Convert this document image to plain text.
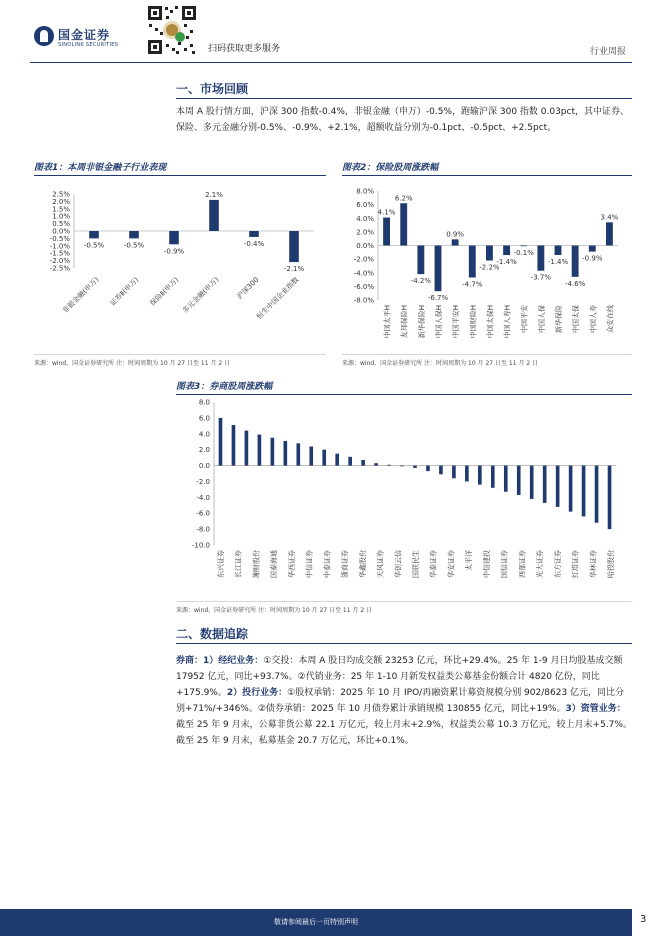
国金证券
SINOLINK SECURITIES	扫码获取更多服务	行业周报
一、市场回顾
本周 A 股行情方面，沪深 300 指数-0.4%，非银金融（申万）-0.5%，跑输沪深 300 指数 0.03pct，其中证券、保险、多元金融分别-0.5%、-0.9%、+2.1%，超额收益分别为-0.1pct、-0.5pct、+2.5pct。
图表1：本周非银金融子行业表现
2.5%
2.0%
1.5%
1.0%
0.5%
0.0%
-0.5%
-1.0%
-1.5%
-2.0%
-2.5%
-0.5%	-0.5%
-0.9%
2.1%
-0.4%
-2.1%
非银金融(申万) 证券Ⅱ(申万) 保险Ⅱ(申万) 多元金融(申万) 沪深300
恒生中国企业指数
来源：wind，国金证券研究所 注：时间周期为 10 月 27 日至 11 月 2 日
图表2：保险股周涨跌幅
8.0%
6.0%
4.0%
2.0%
0.0%
-2.0%
-4.0%
-6.0%
-8.0%
4.1%
6.2%
-4.2%
-6.7%
0.9%
-4.7%
-2.2%
-1.4%
-0.1%
-3.7%
-1.4%
-4.6%
-0.9%
3.4%
中国太平H 友邦保险H 新华保险H 中国人保H 中国平安H 中国财险H 中国太保H 中国人寿H 中国平安 中国人保 新华保险 中国太保 中国人寿 众安在线
来源：wind，国金证券研究所 注：时间周期为 10 月 27 日至 11 月 2 日
图表3：券商股周涨跌幅
8.0
6.0
4.0
2.0
0.0
-2.0
-4.0
-6.0
-8.0
-10.0
东兴证券 长江证券 湘财股份 国泰海通 华西证券 中信证券 中泰证券 浙商证券 华鑫股份 天风证券 华创云信 国联民生 华泰证券 华安证券 太平洋 中信建投 国信证券 西部证券 光大证券 东方证券 红塔证券 华林证券 哈投股份
来源：wind，国金证券研究所 注：时间周期为 10 月 27 日至 11 月 2 日
二、数据追踪
券商：1）经纪业务：①交投：本周 A 股日均成交额 23253 亿元，环比+29.4%。25 年 1-9 月日均股基成交额 17952 亿元，同比+93.7%。②代销业务：25 年 1-10 月新发权益类公募基金份额合计 4820 亿份，同比+175.9%。2）投行业务：①股权承销：2025 年 10 月 IPO/再融资累计募资规模分别 902/8623 亿元，同比分别+71%/+346%。②债券承销：2025 年 10 月债券累计承销规模 130855 亿元，同比+19%。3）资管业务：截至 25 年 9 月末，公募非货公募 22.1 万亿元，较上月末+2.9%，权益类公募 10.3 万亿元，较上月末+5.7%。截至 25 年 9 月末，私募基金 20.7 万亿元，环比+0.1%。
敬请参阅最后一页特别声明	3
